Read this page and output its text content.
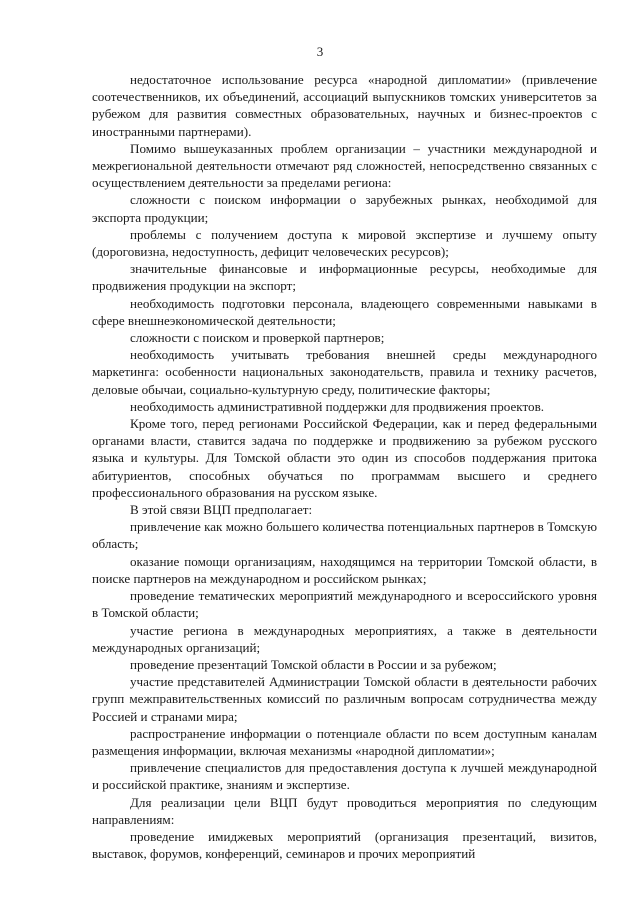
3

недостаточное использование ресурса «народной дипломатии» (привлечение соотечественников, их объединений, ассоциаций выпускников томских университетов за рубежом для развития совместных образовательных, научных и бизнес-проектов с иностранными партнерами).

Помимо вышеуказанных проблем организации – участники международной и межрегиональной деятельности отмечают ряд сложностей, непосредственно связанных с осуществлением деятельности за пределами региона:

сложности с поиском информации о зарубежных рынках, необходимой для экспорта продукции;

проблемы с получением доступа к мировой экспертизе и лучшему опыту (дороговизна, недоступность, дефицит человеческих ресурсов);

значительные финансовые и информационные ресурсы, необходимые для продвижения продукции на экспорт;

необходимость подготовки персонала, владеющего современными навыками в сфере внешнеэкономической деятельности;

сложности с поиском и проверкой партнеров;

необходимость учитывать требования внешней среды международного маркетинга: особенности национальных законодательств, правила и технику расчетов, деловые обычаи, социально-культурную среду, политические факторы;

необходимость административной поддержки для продвижения проектов.

Кроме того, перед регионами Российской Федерации, как и перед федеральными органами власти, ставится задача по поддержке и продвижению за рубежом русского языка и культуры. Для Томской области это один из способов поддержания притока абитуриентов, способных обучаться по программам высшего и среднего профессионального образования на русском языке.

В этой связи ВЦП предполагает:

привлечение как можно большего количества потенциальных партнеров в Томскую область;

оказание помощи организациям, находящимся на территории Томской области, в поиске партнеров на международном и российском рынках;

проведение тематических мероприятий международного и всероссийского уровня в Томской области;

участие региона в международных мероприятиях, а также в деятельности международных организаций;

проведение презентаций Томской области в России и за рубежом;

участие представителей Администрации Томской области в деятельности рабочих групп межправительственных комиссий по различным вопросам сотрудничества между Россией и странами мира;

распространение информации о потенциале области по всем доступным каналам размещения информации, включая механизмы «народной дипломатии»;

привлечение специалистов для предоставления доступа к лучшей международной и российской практике, знаниям и экспертизе.

Для реализации цели ВЦП будут проводиться мероприятия по следующим направлениям:

проведение имиджевых мероприятий (организация презентаций, визитов, выставок, форумов, конференций, семинаров и прочих мероприятий
